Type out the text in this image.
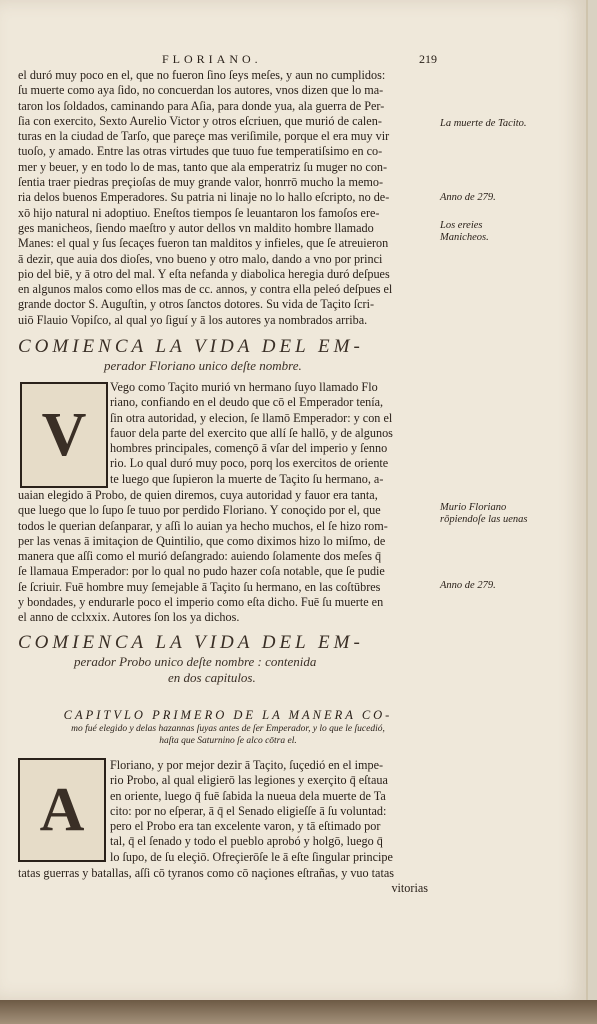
FLORIANO.	219
el duró muy poco en el, que no fueron ſino ſeys meſes, y aun no cumplidos:
ſu muerte como aya ſido, no concuerdan los autores, vnos dizen que lo ma-
taron los ſoldados, caminando para Aſia, para donde yua, ala guerra de Per-
ſia con exercito, Sexto Aurelio Victor y otros eſcriuen, que murió de calen-
turas en la ciudad de Tarſo, que pareçe mas veriſimile, porque el era muy vir
tuoſo, y amado. Entre las otras virtudes que tuuo fue temperatiſsimo en co-
mer y beuer, y en todo lo de mas, tanto que ala emperatriz ſu muger no con-
ſentia traer piedras preçioſas de muy grande valor, honrrō mucho la memo-
ria delos buenos Emperadores. Su patria ni linaje no lo hallo eſcripto, no de-
xō hijo natural ni adoptiuo. Eneſtos tiempos ſe leuantaron los famoſos ere-
ges manicheos, ſiendo maeſtro y autor dellos vn maldito hombre llamado
Manes: el qual y ſus ſecaçes fueron tan malditos y infieles, que ſe atreuieron
ā dezir, que auia dos dioſes, vno bueno y otro malo, dando a vno por princi
pio del biē, y ā otro del mal. Y eſta nefanda y diabolica heregia duró deſpues
en algunos malos como ellos mas de cc. annos, y contra ella peleó deſpues el
grande doctor S. Auguſtin, y otros ſanctos dotores. Su vida de Taçito ſcri-
uiō Flauio Vopiſco, al qual yo ſiguí y ā los autores ya nombrados arriba.
La muerte de Tacito.
Anno de 279.
Los ereies Manicheos.
COMIENCA LA VIDA DEL EM-
perador Floriano unico deſte nombre.
V
Vego como Taçito murió vn hermano ſuyo llamado Flo
riano, confiando en el deudo que cō el Emperador tenía,
ſin otra autoridad, y elecion, ſe llamō Emperador: y con el
fauor dela parte del exercito que allí ſe hallō, y de algunos
hombres principales, començō ā vſar del imperio y ſenno
rio. Lo qual duró muy poco, porq los exercitos de oriente
te luego que ſupieron la muerte de Taçito ſu hermano, a-
uaian elegido ā Probo, de quien diremos, cuya autoridad y fauor era tanta,
que luego que lo ſupo ſe tuuo por perdido Floriano. Y conoçido por el, que
todos le querian deſanparar, y aſſi lo auian ya hecho muchos, el ſe hizo rom-
per las venas ā imitaçion de Quintilio, que como diximos hizo lo miſmo, de
manera que aſſi como el murió deſangrado: auiendo ſolamente dos meſes q̄
ſe llamaua Emperador: por lo qual no pudo hazer coſa notable, que ſe pudie
ſe ſcriuir. Fuē hombre muy ſemejable ā Taçito ſu hermano, en las coſtūbres
y bondades, y endurarle poco el imperio como eſta dicho. Fuē ſu muerte en
el anno de cclxxix. Autores ſon los ya dichos.
Murio Floriano rōpiendoſe las uenas
Anno de 279.
COMIENCA LA VIDA DEL EM-
perador Probo unico deſte nombre : contenida
en dos capitulos.
CAPITVLO PRIMERO DE LA MANERA CO-
mo fué elegido y delas hazannas ſuyas antes de ſer Emperador, y lo que le ſucedió,
haſta que Saturnino ſe alco cōtra el.
A
Floriano, y por mejor dezir ā Taçito, ſuçedió en el impe-
rio Probo, al qual eligierō las legiones y exerçito q̄ eſtaua
en oriente, luego q̄ fuē ſabida la nueua dela muerte de Ta
cito: por no eſperar, ā q̄ el Senado eligieſſe ā ſu voluntad:
pero el Probo era tan excelente varon, y tā eſtimado por
tal, q̄ el ſenado y todo el pueblo aprobó y holgō, luego q̄
lo ſupo, de ſu eleçiō. Ofreçierōſe le ā eſte ſingular principe
tatas guerras y batallas, aſſi cō tyranos como cō naçiones eſtrañas, y vuo tatas
vitorias
